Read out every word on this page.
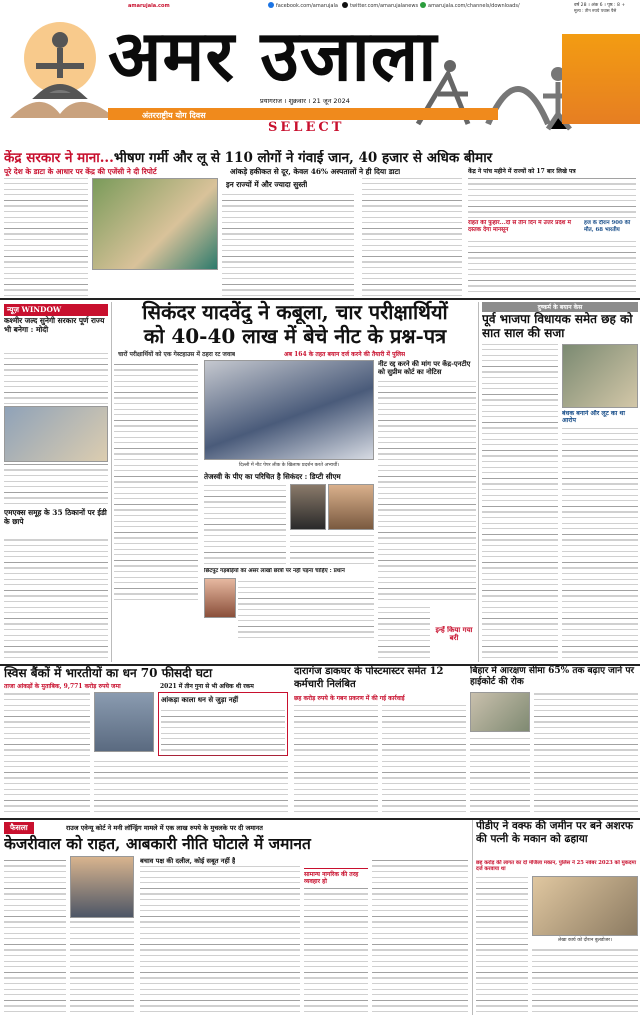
amarujala.com	facebook.com/amarujala twitter.com/amarujalanews amarujala.com/channels/downloads/	वर्ष 28 । अंक 6 । पृष्ठ : 8 +
मूल्य : तीन रुपये पचास पैसे
अमर उजाला
प्रयागराज । शुक्रवार । 21 जून 2024
अंतरराष्ट्रीय योग दिवस
SELECT
केंद्र सरकार ने माना...भीषण गर्मी और लू से 110 लोगों ने गंवाई जान, 40 हजार से अधिक बीमार
पूरे देश के डाटा के आधार पर केंद्र की एजेंसी ने दी रिपोर्ट	आंकड़े हकीकत से दूर, केवल 46% अस्पतालों ने ही दिया डाटा	केंद्र ने पांच महीने में राज्यों को 17 बार लिखे पत्र
इन राज्यों में और ज्यादा सुस्ती
राहत की फुहार...दो से तीन दिन में उत्तर प्रदेश में दस्तक देगा मानसून
हज के दौरान 900 की मौत, 68 भारतीय
न्यूज़ WINDOW
कश्मीर जल्द सुनेगी सरकार पूर्ण राज्य भी बनेगा : मोदी
एमएक्स समूह के 35 ठिकानों पर ईडी के छापे
सिकंदर यादवेंदु ने कबूला, चार परीक्षार्थियों
को 40-40 लाख में बेचे नीट के प्रश्न-पत्र
चारों परीक्षार्थियों को एक गेस्टहाउस में ठहरा रट जवाब	अब 164 के तहत बयान दर्ज करने की तैयारी में पुलिस
दिल्ली में नीट पेपर लीक के खिलाफ प्रदर्शन करते अभ्यर्थी।
नीट रद्द करने की मांग पर केंद्र-एनटीए को सुप्रीम कोर्ट का नोटिस
तेजस्वी के पीए का परिचित है सिकंदर : डिप्टी सीएम
छिटपुट गड़बड़ियों का असर लाखों छात्रों पर नहीं पड़ना चाहिए : प्रधान
इन्हें किया गया बरी
दुष्कर्म के बयान केस
पूर्व भाजपा विधायक समेत छह को सात साल की सजा
बंधक बनाने और लूट का था आरोप
स्विस बैंकों में भारतीयों का धन 70 फीसदी घटा
ताजा आंकड़ों के मुताबिक, 9,771 करोड़ रुपये जमा	2021 में तीन गुना से भी अधिक थी रकम
आंकड़ा काला धन से जुड़ा नहीं
दारागंज डाकघर के पोस्टमास्टर समेत 12 कर्मचारी निलंबित
छह करोड़ रुपये के गबन प्रकरण में की गई कार्रवाई
बिहार में आरक्षण सीमा 65% तक बढ़ाए जाने पर हाईकोर्ट की रोक
फैसला	राउज एवेन्यू कोर्ट ने मनी लॉन्ड्रिंग मामले में एक लाख रुपये के मुचलके पर दी जमानत
केजरीवाल को राहत, आबकारी नीति घोटाले में जमानत
बचाव पक्ष की दलील, कोई सबूत नहीं है
सामान्य नागरिक की तरह व्यवहार हो
पीडीए ने वक्फ की जमीन पर बने अशरफ की पत्नी के मकान को ढहाया
छह करोड़ की लागत का दो मंजिला मकान, पुलिस ने 25 नवंबर 2023 को मुकदमा दर्ज करवाया था
लेखा कार्य को दौरान बुलडोजर।
